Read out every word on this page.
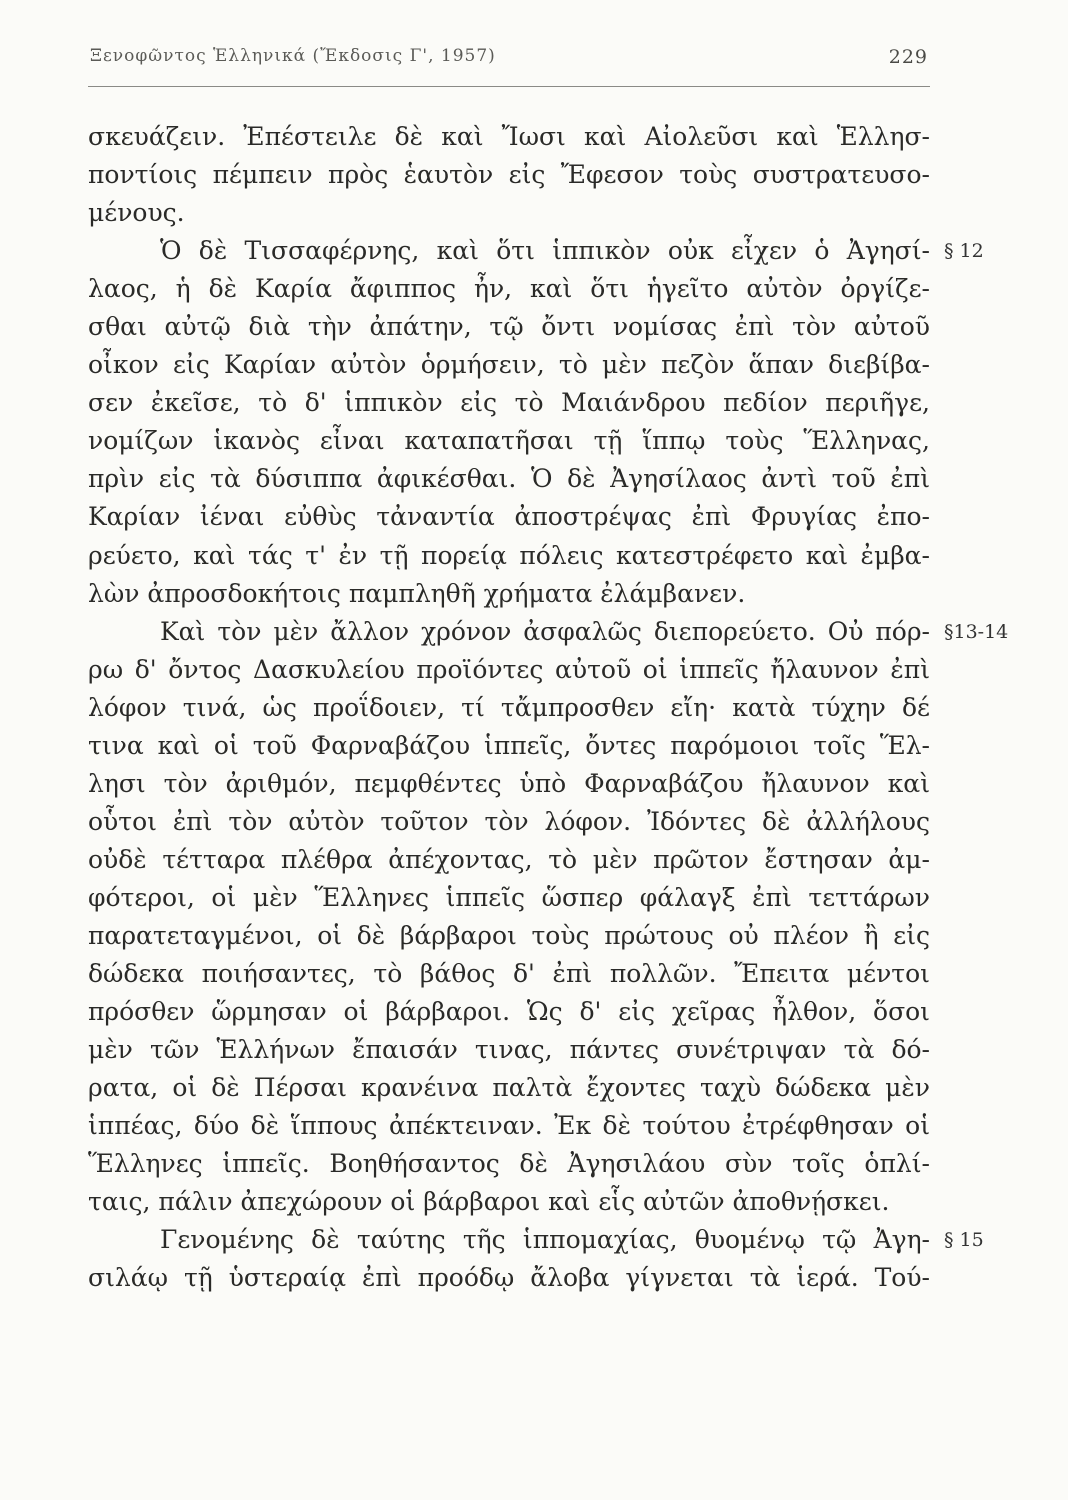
Ξενοφῶντος Ἑλληνικά (Ἔκδοσις Γ', 1957)	229
σκευάζειν. Ἐπέστειλε δὲ καὶ Ἴωσι καὶ Αἰολεῦσι καὶ Ἑλλησ-
ποντίοις πέμπειν πρὸς ἑαυτὸν εἰς Ἔφεσον τοὺς συστρατευσο-
μένους.
Ὁ δὲ Τισσαφέρνης, καὶ ὅτι ἱππικὸν οὐκ εἶχεν ὁ Ἀγησί- § 12
λαος, ἡ δὲ Καρία ἄφιππος ἦν, καὶ ὅτι ἡγεῖτο αὐτὸν ὀργίζε-
σθαι αὐτῷ διὰ τὴν ἀπάτην, τῷ ὄντι νομίσας ἐπὶ τὸν αὐτοῦ
οἶκον εἰς Καρίαν αὐτὸν ὁρμήσειν, τὸ μὲν πεζὸν ἅπαν διεβίβα-
σεν ἐκεῖσε, τὸ δ' ἱππικὸν εἰς τὸ Μαιάνδρου πεδίον περιῆγε,
νομίζων ἱκανὸς εἶναι καταπατῆσαι τῇ ἵππῳ τοὺς Ἕλληνας,
πρὶν εἰς τὰ δύσιππα ἀφικέσθαι. Ὁ δὲ Ἀγησίλαος ἀντὶ τοῦ ἐπὶ
Καρίαν ἰέναι εὐθὺς τἀναντία ἀποστρέψας ἐπὶ Φρυγίας ἐπο-
ρεύετο, καὶ τάς τ' ἐν τῇ πορείᾳ πόλεις κατεστρέφετο καὶ ἐμβα-
λὼν ἀπροσδοκήτοις παμπληθῆ χρήματα ἐλάμβανεν.
Καὶ τὸν μὲν ἄλλον χρόνον ἀσφαλῶς διεπορεύετο. Οὐ πόρ- §13-14
ρω δ' ὄντος Δασκυλείου προϊόντες αὐτοῦ οἱ ἱππεῖς ἤλαυνον ἐπὶ
λόφον τινά, ὡς προΐδοιεν, τί τἄμπροσθεν εἴη· κατὰ τύχην δέ
τινα καὶ οἱ τοῦ Φαρναβάζου ἱππεῖς, ὄντες παρόμοιοι τοῖς Ἕλ-
λησι τὸν ἀριθμόν, πεμφθέντες ὑπὸ Φαρναβάζου ἤλαυνον καὶ
οὗτοι ἐπὶ τὸν αὐτὸν τοῦτον τὸν λόφον. Ἰδόντες δὲ ἀλλήλους
οὐδὲ τέτταρα πλέθρα ἀπέχοντας, τὸ μὲν πρῶτον ἔστησαν ἀμ-
φότεροι, οἱ μὲν Ἕλληνες ἱππεῖς ὥσπερ φάλαγξ ἐπὶ τεττάρων
παρατεταγμένοι, οἱ δὲ βάρβαροι τοὺς πρώτους οὐ πλέον ἢ εἰς
δώδεκα ποιήσαντες, τὸ βάθος δ' ἐπὶ πολλῶν. Ἔπειτα μέντοι
πρόσθεν ὥρμησαν οἱ βάρβαροι. Ὡς δ' εἰς χεῖρας ἦλθον, ὅσοι
μὲν τῶν Ἑλλήνων ἔπαισάν τινας, πάντες συνέτριψαν τὰ δό-
ρατα, οἱ δὲ Πέρσαι κρανέινα παλτὰ ἔχοντες ταχὺ δώδεκα μὲν
ἱππέας, δύο δὲ ἵππους ἀπέκτειναν. Ἐκ δὲ τούτου ἐτρέφθησαν οἱ
Ἕλληνες ἱππεῖς. Βοηθήσαντος δὲ Ἀγησιλάου σὺν τοῖς ὁπλί-
ταις, πάλιν ἀπεχώρουν οἱ βάρβαροι καὶ εἷς αὐτῶν ἀποθνῄσκει.
Γενομένης δὲ ταύτης τῆς ἱππομαχίας, θυομένῳ τῷ Ἀγη- § 15
σιλάῳ τῇ ὑστεραίᾳ ἐπὶ προόδῳ ἄλοβα γίγνεται τὰ ἱερά. Τού-
